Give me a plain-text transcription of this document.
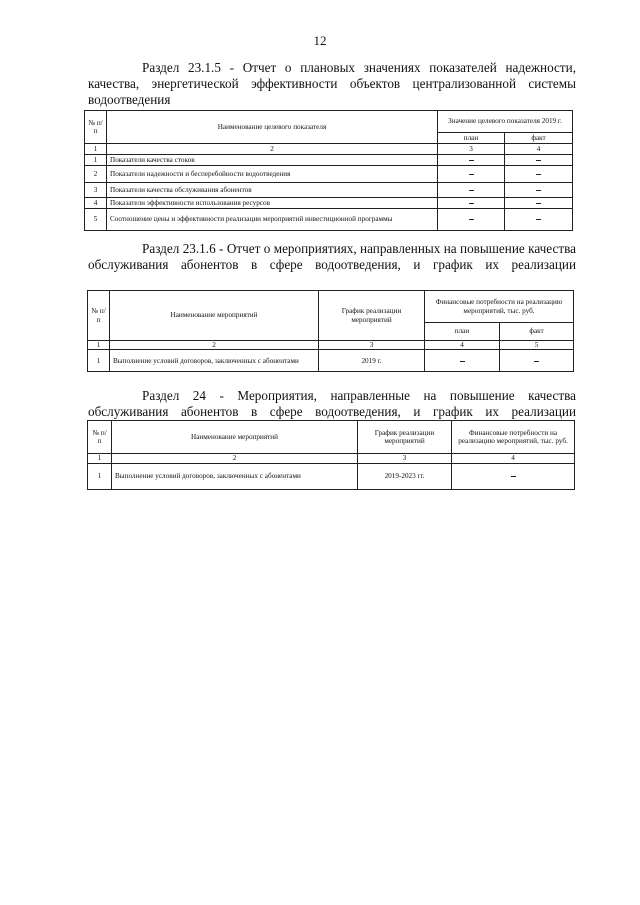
12
Раздел 23.1.5 - Отчет о плановых значениях показателей надежности, качества, энергетической эффективности объектов централизованной системы водоотведения
№ п/п	Наименование целевого показателя	Значение целевого показателя 2019 г.	
		план	факт
1	2	3	4
1	Показатели качества стоков		
2	Показатели надежности и бесперебойности водоотведения		
3	Показатели качества обслуживания абонентов		
4	Показатели эффективности использования ресурсов		
5	Соотношение цены и эффективности реализации мероприятий инвестиционной программы		
Раздел 23.1.6 - Отчет о мероприятиях, направленных на повышение качества обслуживания абонентов в сфере водоотведения, и график их реализации
№ п/п	Наименование мероприятий	График реализации мероприятий	Финансовые потребности на реализацию мероприятий, тыс. руб.	
			план	факт
1	2	3	4	5
1	Выполнение условий договоров, заключенных с абонентами	2019 г.		
Раздел 24 - Мероприятия, направленные на повышение качества обслуживания абонентов в сфере водоотведения, и график их реализации
№ п/п	Наименование мероприятий	График реализации мероприятий	Финансовые потребности на реализацию мероприятий, тыс. руб.
1	2	3	4
1	Выполнение условий договоров, заключенных с абонентами	2019-2023 гг.	
